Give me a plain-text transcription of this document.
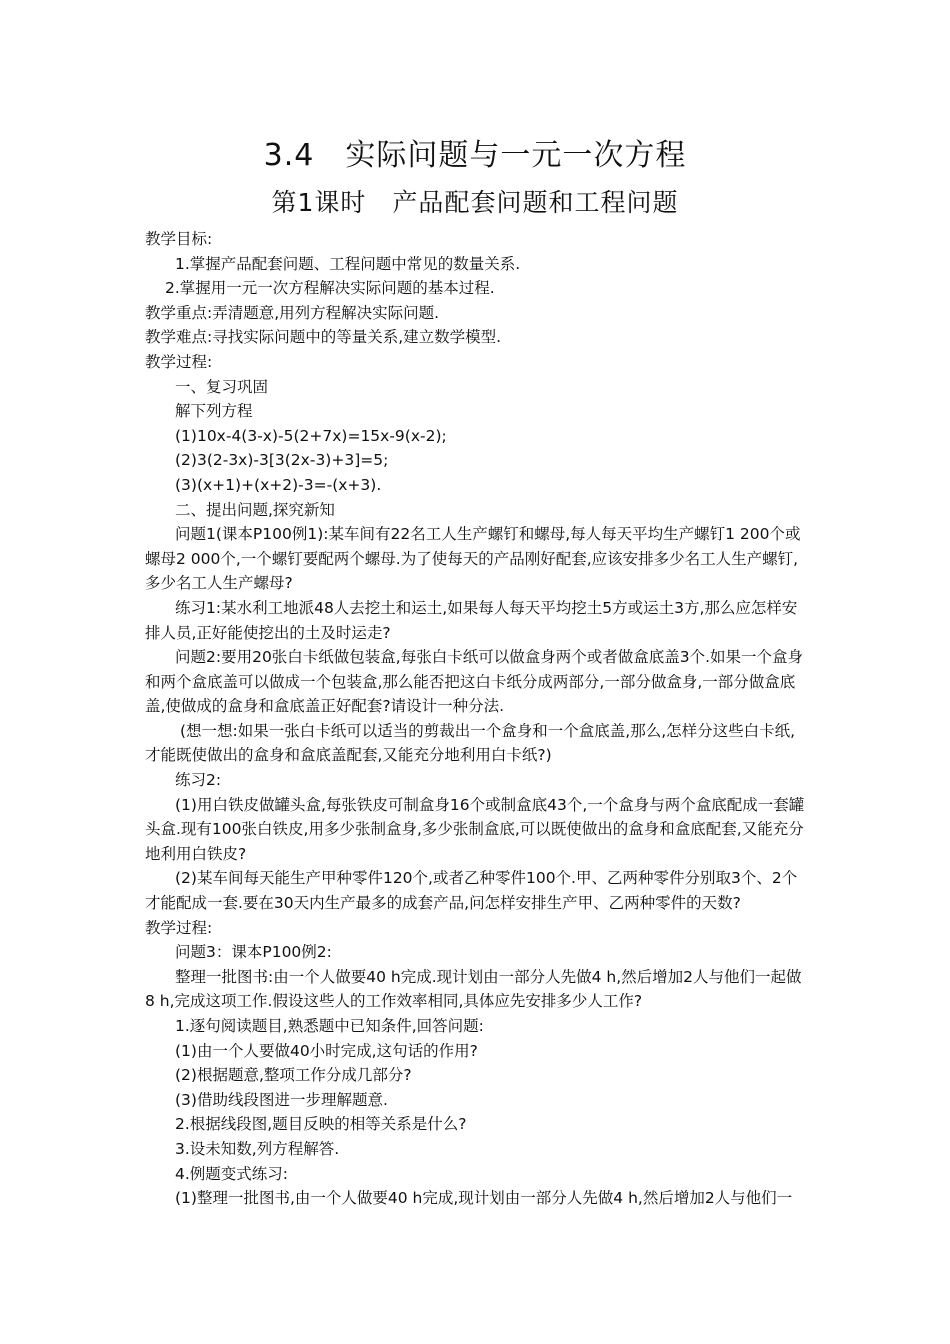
3.4　实际问题与一元一次方程
第1课时　产品配套问题和工程问题

教学目标:

1.掌握产品配套问题、工程问题中常见的数量关系.

2.掌握用一元一次方程解决实际问题的基本过程.

教学重点:弄清题意,用列方程解决实际问题.

教学难点:寻找实际问题中的等量关系,建立数学模型.

教学过程:

一、复习巩固

解下列方程

(1)10x-4(3-x)-5(2+7x)=15x-9(x-2);

(2)3(2-3x)-3[3(2x-3)+3]=5;

(3)(x+1)+(x+2)-3=-(x+3).

二、提出问题,探究新知

问题1(课本P100例1):某车间有22名工人生产螺钉和螺母,每人每天平均生产螺钉1 200个或螺母2 000个,一个螺钉要配两个螺母.为了使每天的产品刚好配套,应该安排多少名工人生产螺钉,多少名工人生产螺母?

练习1:某水利工地派48人去挖土和运土,如果每人每天平均挖土5方或运土3方,那么应怎样安排人员,正好能使挖出的土及时运走?

问题2:要用20张白卡纸做包装盒,每张白卡纸可以做盒身两个或者做盒底盖3个.如果一个盒身和两个盒底盖可以做成一个包装盒,那么能否把这白卡纸分成两部分,一部分做盒身,一部分做盒底盖,使做成的盒身和盒底盖正好配套?请设计一种分法.

(想一想:如果一张白卡纸可以适当的剪裁出一个盒身和一个盒底盖,那么,怎样分这些白卡纸,才能既使做出的盒身和盒底盖配套,又能充分地利用白卡纸?)

练习2:

(1)用白铁皮做罐头盒,每张铁皮可制盒身16个或制盒底43个,一个盒身与两个盒底配成一套罐头盒.现有100张白铁皮,用多少张制盒身,多少张制盒底,可以既使做出的盒身和盒底配套,又能充分地利用白铁皮?

(2)某车间每天能生产甲种零件120个,或者乙种零件100个.甲、乙两种零件分别取3个、2个才能配成一套.要在30天内生产最多的成套产品,问怎样安排生产甲、乙两种零件的天数?

教学过程:

问题3：课本P100例2:

整理一批图书:由一个人做要40 h完成.现计划由一部分人先做4 h,然后增加2人与他们一起做8 h,完成这项工作.假设这些人的工作效率相同,具体应先安排多少人工作?

1.逐句阅读题目,熟悉题中已知条件,回答问题:

(1)由一个人要做40小时完成,这句话的作用?

(2)根据题意,整项工作分成几部分?

(3)借助线段图进一步理解题意.

2.根据线段图,题目反映的相等关系是什么?

3.设未知数,列方程解答.

4.例题变式练习:

(1)整理一批图书,由一个人做要40 h完成,现计划由一部分人先做4 h,然后增加2人与他们一
